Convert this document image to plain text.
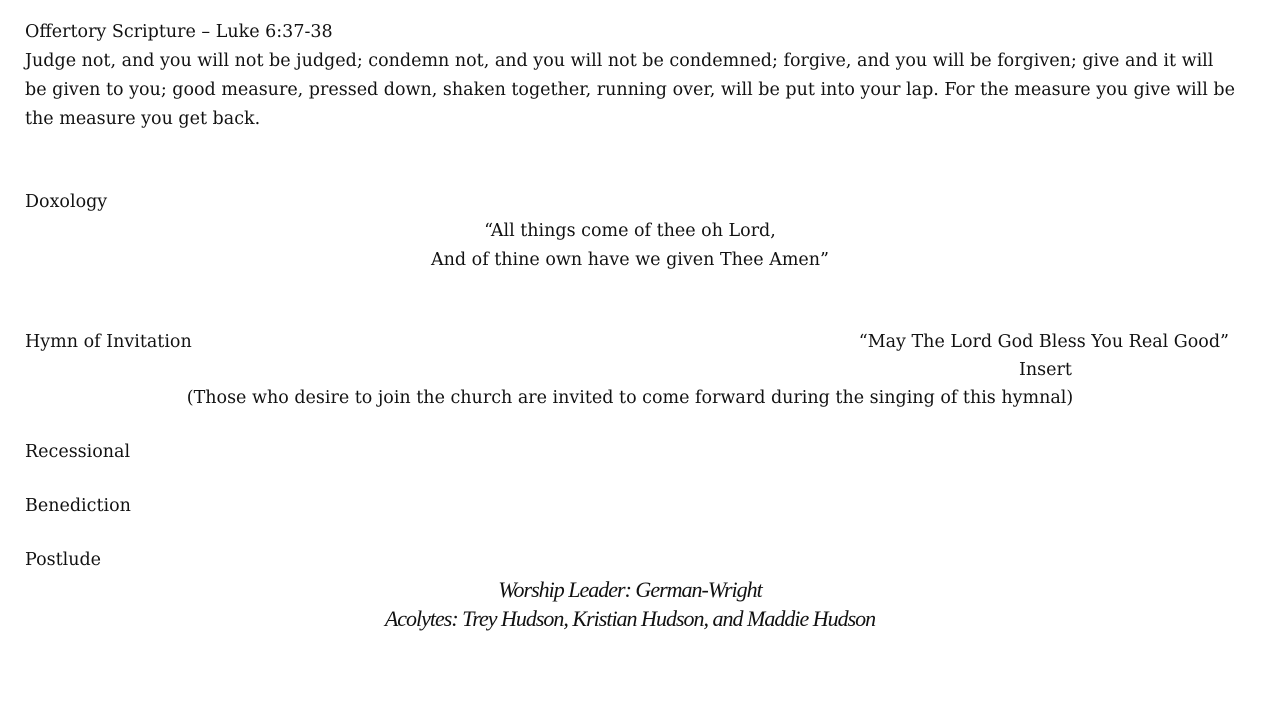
Offertory Scripture – Luke 6:37-38
Judge not, and you will not be judged; condemn not, and you will not be condemned; forgive, and you will be forgiven; give and it will be given to you; good measure, pressed down, shaken together, running over, will be put into your lap. For the measure you give will be the measure you get back.
Doxology
“All things come of thee oh Lord,
And of thine own have we given Thee Amen”
Hymn of Invitation	“May The Lord God Bless You Real Good”
Insert
(Those who desire to join the church are invited to come forward during the singing of this hymnal)
Recessional
Benediction
Postlude
Worship Leader: German-Wright
Acolytes: Trey Hudson, Kristian Hudson, and Maddie Hudson
